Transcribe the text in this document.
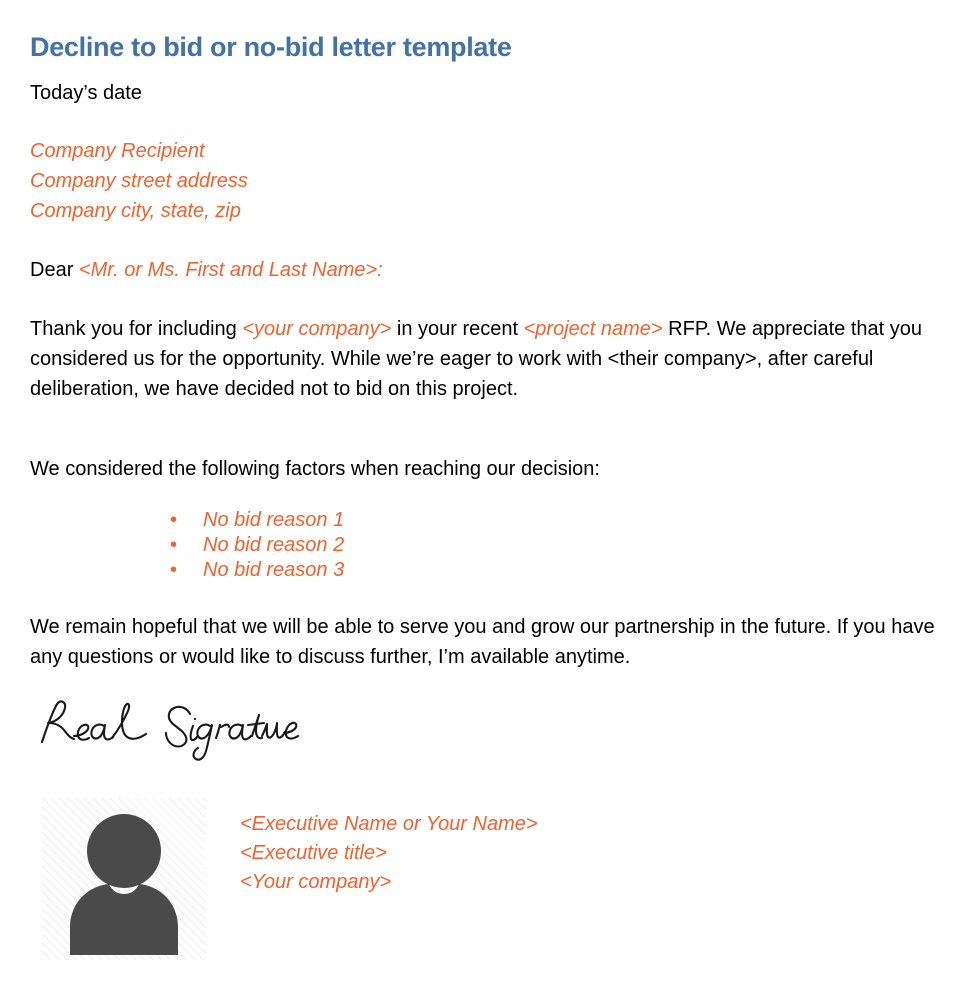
Decline to bid or no-bid letter template
Today’s date
Company Recipient
Company street address
Company city, state, zip
Dear <Mr. or Ms. First and Last Name>:

Thank you for including <your company> in your recent <project name> RFP. We appreciate that you considered us for the opportunity. While we’re eager to work with <their company>, after careful deliberation, we have decided not to bid on this project.

We considered the following factors when reaching our decision:
• No bid reason 1
• No bid reason 2
• No bid reason 3

We remain hopeful that we will be able to serve you and grow our partnership in the future. If you have any questions or would like to discuss further, I’m available anytime.

<Executive Name or Your Name>
<Executive title>
<Your company>
